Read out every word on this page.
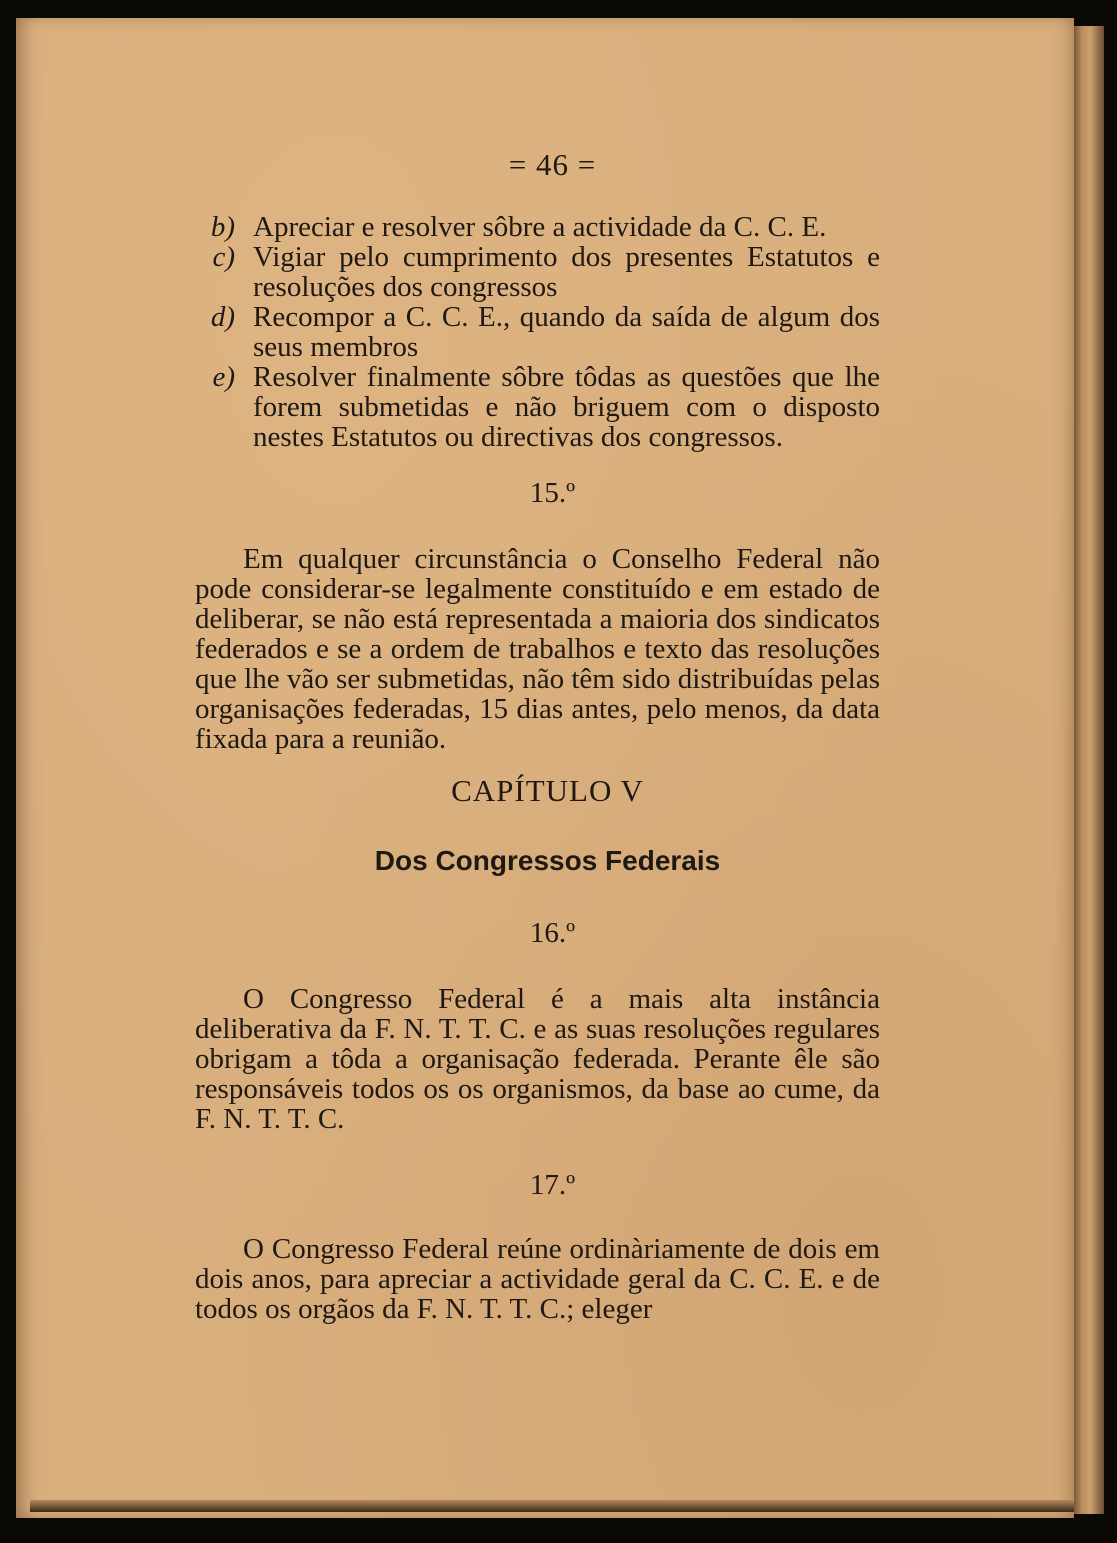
= 46 =
b) Apreciar e resolver sôbre a actividade da C. C. E.
c) Vigiar pelo cumprimento dos presentes Estatutos e resoluções dos congressos
d) Recompor a C. C. E., quando da saída de algum dos seus membros
e) Resolver finalmente sôbre tôdas as questões que lhe forem submetidas e não briguem com o disposto nestes Estatutos ou directivas dos congressos.
15.º

Em qualquer circunstância o Conselho Federal não pode considerar-se legalmente constituído e em estado de deliberar, se não está representada a maioria dos sindicatos federados e se a ordem de trabalhos e texto das resoluções que lhe vão ser submetidas, não têm sido distribuídas pelas organisações federadas, 15 dias antes, pelo menos, da data fixada para a reunião.

CAPÍTULO V
Dos Congressos Federais
16.º

O Congresso Federal é a mais alta instância deliberativa da F. N. T. T. C. e as suas resoluções regulares obrigam a tôda a organisação federada. Perante êle são responsáveis todos os os organismos, da base ao cume, da F. N. T. T. C.

17.º

O Congresso Federal reúne ordinàriamente de dois em dois anos, para apreciar a actividade geral da C. C. E. e de todos os orgãos da F. N. T. T. C.; eleger
